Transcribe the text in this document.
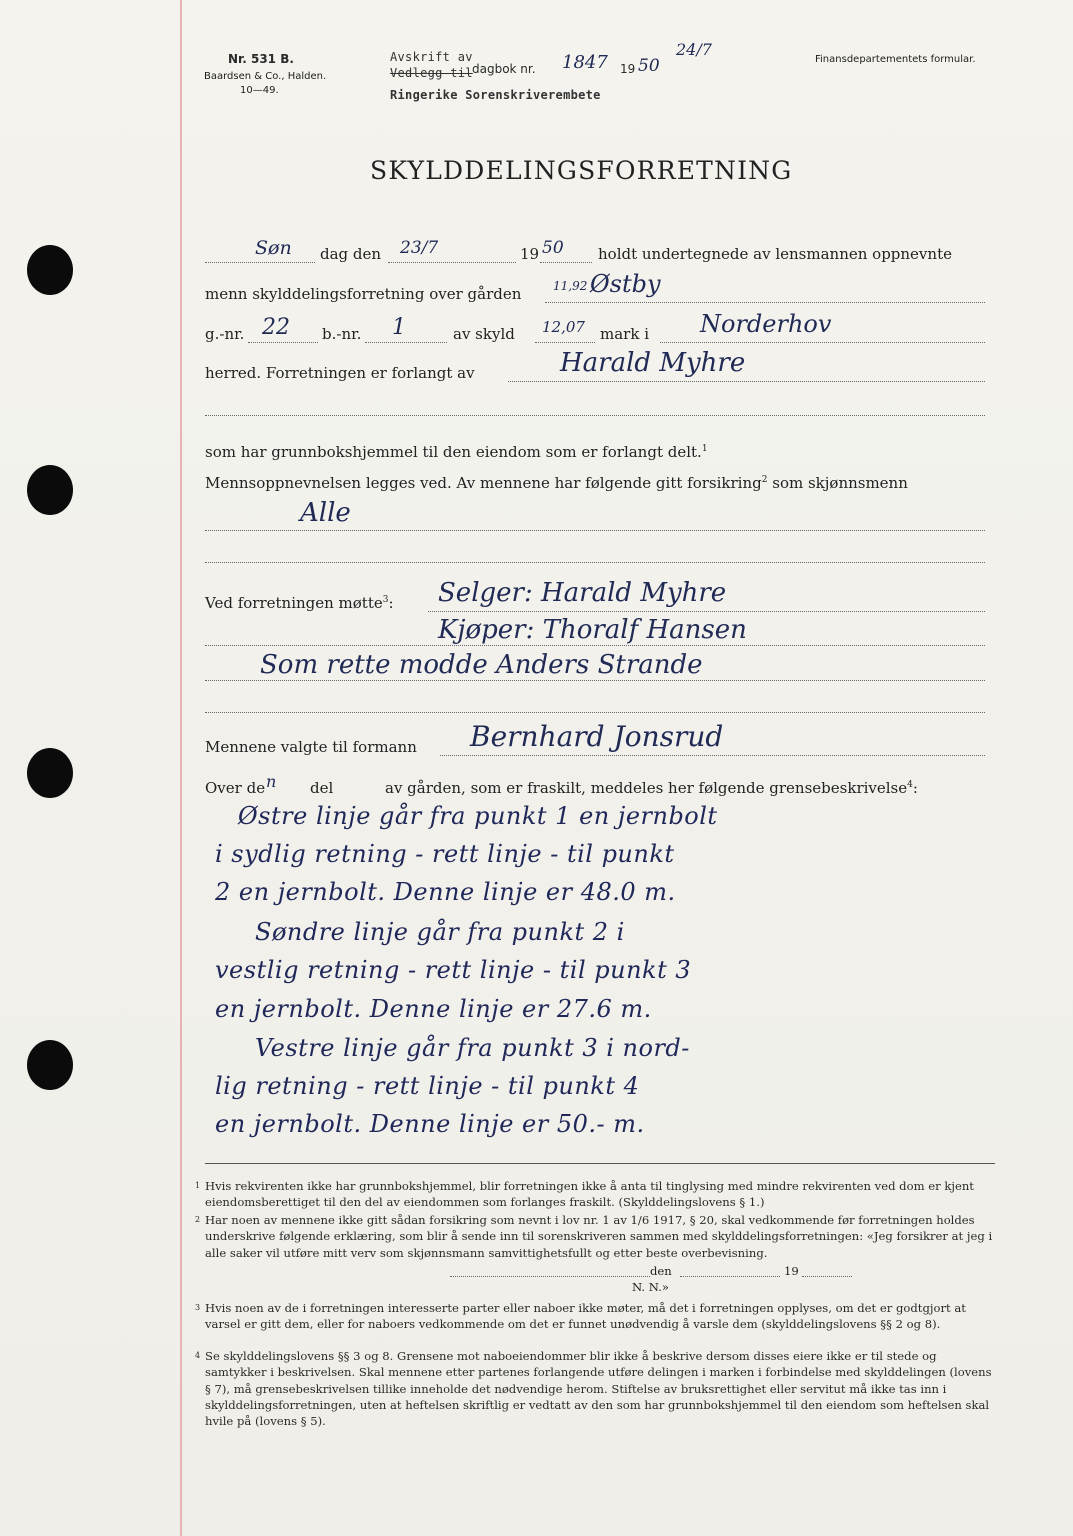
Nr. 531 B.
Baardsen & Co., Halden.
10—49.
Avskrift av
Vedlegg til dagbok nr. 1847 19 50
24/7
Ringerike Sorenskriverembete
Finansdepartementets formular.
SKYLDDELINGSFORRETNING
Søn dag den 23/7	19 50 holdt undertegnede av lensmannen oppnevnte
menn skylddelingsforretning over gården	11,92 Østby
g.-nr. 22 b.-nr. 1	av skyld 12,07 mark i Norderhov
herred. Forretningen er forlangt av	Harald Myhre
som har grunnbokshjemmel til den eiendom som er forlangt delt.$^1$
Mennsoppnevnelsen legges ved. Av mennene har følgende gitt forsikring$^2$ som skjønnsmenn
Alle
Ved forretningen møtte$^3$: Selger: Harald Myhre
Kjøper: Thoralf Hansen
Som rette modde Anders Strande
Mennene valgte til formann Bernhard Jonsrud
Over de n del	av gården, som er fraskilt, meddeles her følgende grensebeskrivelse$^4$:
Østre linje går fra punkt 1 en jernbolt
i sydlig retning - rett linje - til punkt
2 en jernbolt. Denne linje er 48.0 m.
Søndre linje går fra punkt 2 i
vestlig retning - rett linje - til punkt 3
en jernbolt. Denne linje er 27.6 m.
Vestre linje går fra punkt 3 i nord-
lig retning - rett linje - til punkt 4
en jernbolt. Denne linje er 50.- m.
1 Hvis rekvirenten ikke har grunnbokshjemmel, blir forretningen ikke å anta til tinglysing med mindre rekvirenten ved dom er kjent eiendomsberettiget til den del av eiendommen som forlanges fraskilt. (Skylddelingslovens § 1.)
2 Har noen av mennene ikke gitt sådan forsikring som nevnt i lov nr. 1 av 1/6 1917, § 20, skal vedkommende før forretningen holdes underskrive følgende erklæring, som blir å sende inn til sorenskriveren sammen med skylddelingsforretningen: «Jeg forsikrer at jeg i alle saker vil utføre mitt verv som skjønnsmann samvittighetsfullt og etter beste overbevisning.
den	19
N. N.»
3 Hvis noen av de i forretningen interesserte parter eller naboer ikke møter, må det i forretningen opplyses, om det er godtgjort at varsel er gitt dem, eller for naboers vedkommende om det er funnet unødvendig å varsle dem (skylddelingslovens §§ 2 og 8).
4 Se skylddelingslovens §§ 3 og 8. Grensene mot naboeiendommer blir ikke å beskrive dersom disses eiere ikke er til stede og samtykker i beskrivelsen. Skal mennene etter partenes forlangende utføre delingen i marken i forbindelse med skylddelingen (lovens § 7), må grensebeskrivelsen tillike inneholde det nødvendige herom. Stiftelse av bruksrettighet eller servitut må ikke tas inn i skylddelingsforretningen, uten at heftelsen skriftlig er vedtatt av den som har grunnbokshjemmel til den eiendom som heftelsen skal hvile på (lovens § 5).
